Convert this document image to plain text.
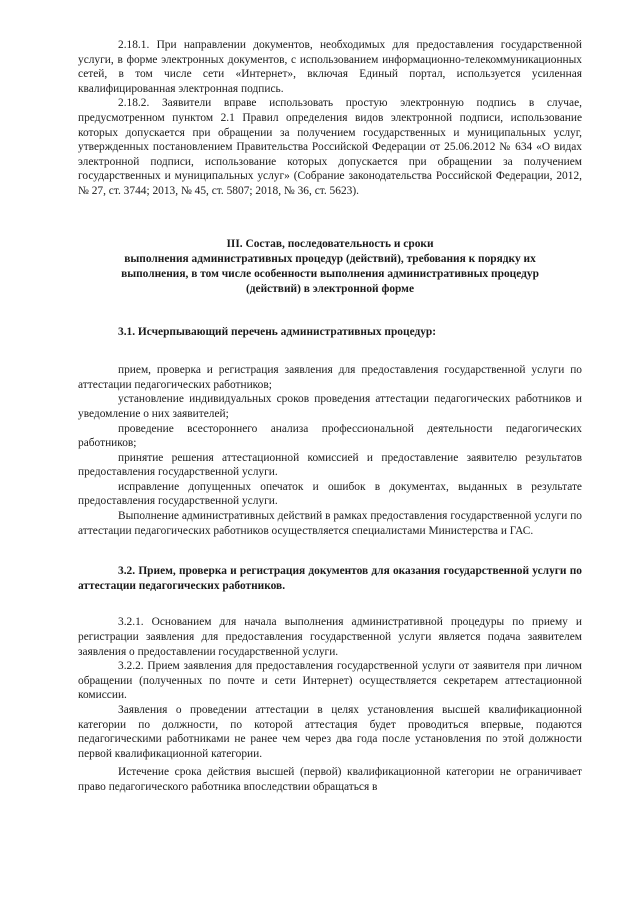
2.18.1. При направлении документов, необходимых для предоставления государственной услуги, в форме электронных документов, с использованием информационно-телекоммуникационных сетей, в том числе сети «Интернет», включая Единый портал, используется усиленная квалифицированная электронная подпись.

2.18.2. Заявители вправе использовать простую электронную подпись в случае, предусмотренном пунктом 2.1 Правил определения видов электронной подписи, использование которых допускается при обращении за получением государственных и муниципальных услуг, утвержденных постановлением Правительства Российской Федерации от 25.06.2012 № 634 «О видах электронной подписи, использование которых допускается при обращении за получением государственных и муниципальных услуг» (Собрание законодательства Российской Федерации, 2012, № 27, ст. 3744; 2013, № 45, ст. 5807; 2018, № 36, ст. 5623).

III. Состав, последовательность и сроки
выполнения административных процедур (действий), требования к порядку их
выполнения, в том числе особенности выполнения административных процедур
(действий) в электронной форме

3.1. Исчерпывающий перечень административных процедур:

прием, проверка и регистрация заявления для предоставления государственной услуги по аттестации педагогических работников;

установление индивидуальных сроков проведения аттестации педагогических работников и уведомление о них заявителей;

проведение всестороннего анализа профессиональной деятельности педагогических работников;

принятие решения аттестационной комиссией и предоставление заявителю результатов предоставления государственной услуги.

исправление допущенных опечаток и ошибок в документах, выданных в результате предоставления государственной услуги.

Выполнение административных действий в рамках предоставления государственной услуги по аттестации педагогических работников осуществляется специалистами Министерства и ГАС.

3.2. Прием, проверка и регистрация документов для оказания государственной услуги по аттестации педагогических работников.

3.2.1. Основанием для начала выполнения административной процедуры по приему и регистрации заявления для предоставления государственной услуги является подача заявителем заявления о предоставлении государственной услуги.

3.2.2. Прием заявления для предоставления государственной услуги от заявителя при личном обращении (полученных по почте и сети Интернет) осуществляется секретарем аттестационной комиссии.

Заявления о проведении аттестации в целях установления высшей квалификационной категории по должности, по которой аттестация будет проводиться впервые, подаются педагогическими работниками не ранее чем через два года после установления по этой должности первой квалификационной категории.

Истечение срока действия высшей (первой) квалификационной категории не ограничивает право педагогического работника впоследствии обращаться в
